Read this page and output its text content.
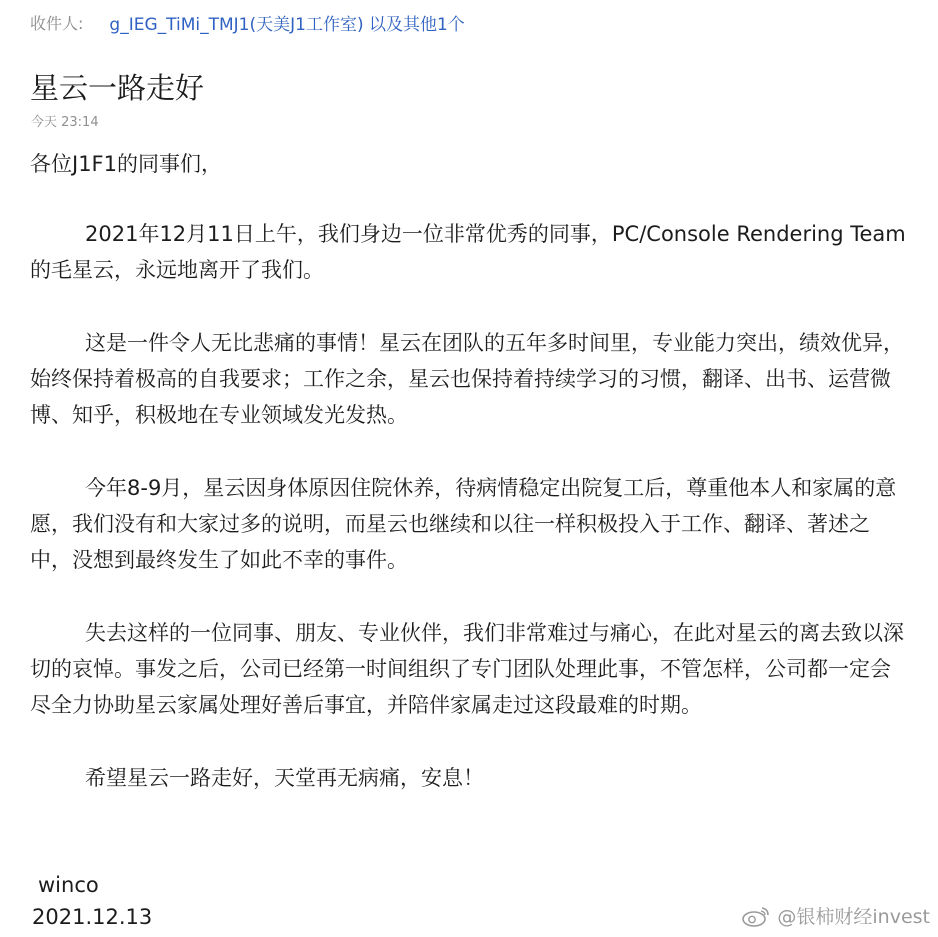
收件人: g_IEG_TiMi_TMJ1(天美J1工作室) 以及其他1个
星云一路走好
今天 23:14

各位J1F1的同事们，

2021年12月11日上午，我们身边一位非常优秀的同事，PC/Console Rendering Team的毛星云，永远地离开了我们。

这是一件令人无比悲痛的事情！星云在团队的五年多时间里，专业能力突出，绩效优异，始终保持着极高的自我要求；工作之余，星云也保持着持续学习的习惯，翻译、出书、运营微博、知乎，积极地在专业领域发光发热。

今年8-9月，星云因身体原因住院休养，待病情稳定出院复工后，尊重他本人和家属的意愿，我们没有和大家过多的说明，而星云也继续和以往一样积极投入于工作、翻译、著述之中，没想到最终发生了如此不幸的事件。

失去这样的一位同事、朋友、专业伙伴，我们非常难过与痛心，在此对星云的离去致以深切的哀悼。事发之后，公司已经第一时间组织了专门团队处理此事，不管怎样，公司都一定会尽全力协助星云家属处理好善后事宜，并陪伴家属走过这段最难的时期。

希望星云一路走好，天堂再无病痛，安息！

winco
2021.12.13	@银柿财经invest
